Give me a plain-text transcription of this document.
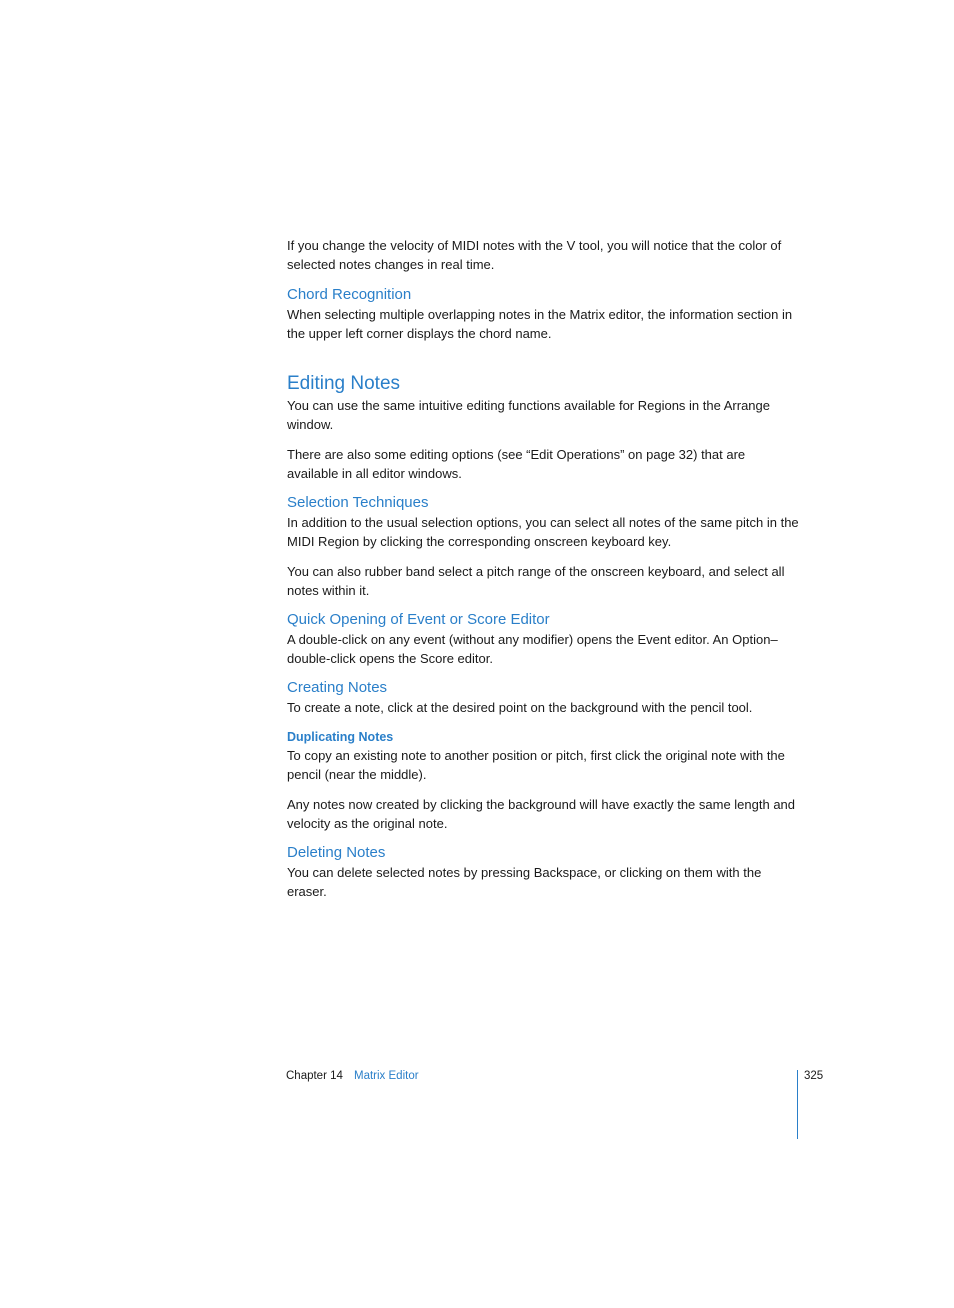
If you change the velocity of MIDI notes with the V tool, you will notice that the color of selected notes changes in real time.

Chord Recognition

When selecting multiple overlapping notes in the Matrix editor, the information section in the upper left corner displays the chord name.

Editing Notes

You can use the same intuitive editing functions available for Regions in the Arrange window.

There are also some editing options (see “Edit Operations” on page 32) that are available in all editor windows.

Selection Techniques

In addition to the usual selection options, you can select all notes of the same pitch in the MIDI Region by clicking the corresponding onscreen keyboard key.

You can also rubber band select a pitch range of the onscreen keyboard, and select all notes within it.

Quick Opening of Event or Score Editor

A double-click on any event (without any modifier) opens the Event editor. An Option–double-click opens the Score editor.

Creating Notes

To create a note, click at the desired point on the background with the pencil tool.

Duplicating Notes

To copy an existing note to another position or pitch, first click the original note with the pencil (near the middle).

Any notes now created by clicking the background will have exactly the same length and velocity as the original note.

Deleting Notes

You can delete selected notes by pressing Backspace, or clicking on them with the eraser.

Chapter 14 Matrix Editor	325
